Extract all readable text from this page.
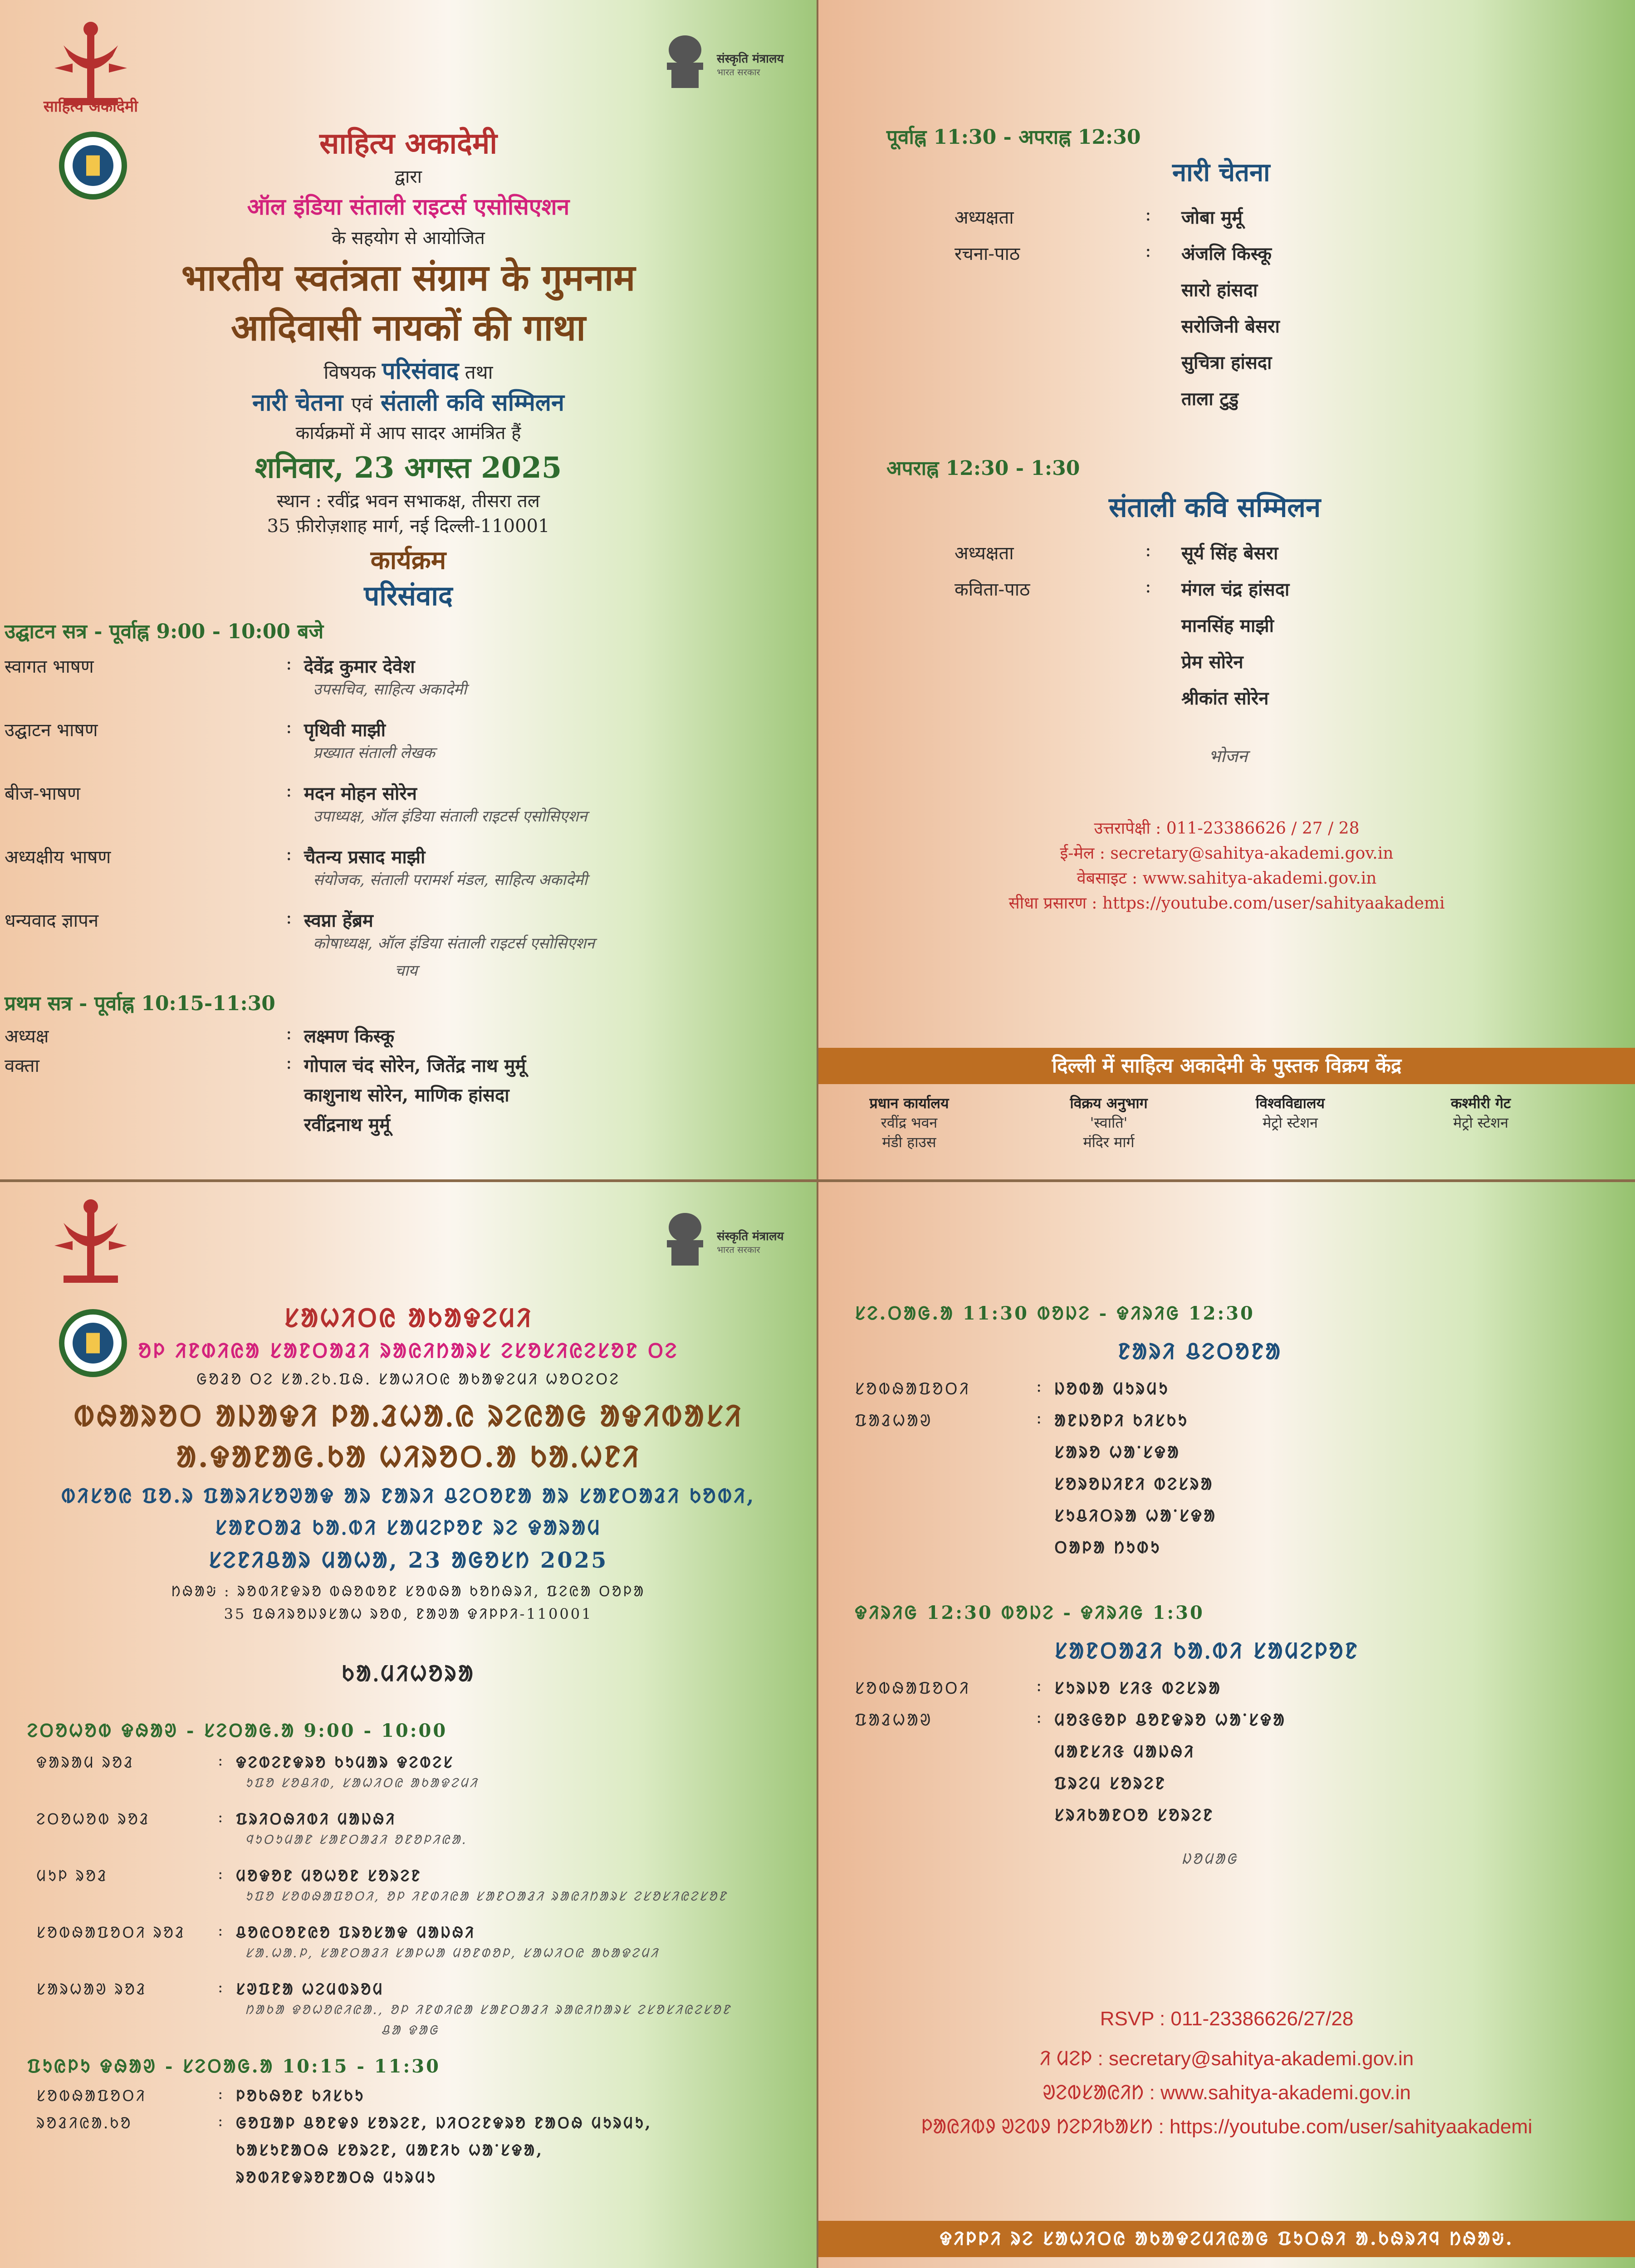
साहित्य अकादेमी
संस्कृति मंत्रालय
भारत सरकार
साहित्य अकादेमी
द्वारा
ऑल इंडिया संताली राइटर्स एसोसिएशन
के सहयोग से आयोजित
भारतीय स्वतंत्रता संग्राम के गुमनाम
आदिवासी नायकों की गाथा
विषयक परिसंवाद तथा
नारी चेतना एवं संताली कवि सम्मिलन
कार्यक्रमों में आप सादर आमंत्रित हैं
शनिवार, 23 अगस्त 2025
स्थान : रवींद्र भवन सभाकक्ष, तीसरा तल
35 फ़ीरोज़शाह मार्ग, नई दिल्ली-110001
कार्यक्रम
परिसंवाद
उद्घाटन सत्र - पूर्वाह्न 9:00 - 10:00 बजे
स्वागत भाषण	: देवेंद्र कुमार देवेश
उपसचिव, साहित्य अकादेमी
उद्घाटन भाषण	: पृथिवी माझी
प्रख्यात संताली लेखक
बीज-भाषण	: मदन मोहन सोरेन
उपाध्यक्ष, ऑल इंडिया संताली राइटर्स एसोसिएशन
अध्यक्षीय भाषण	: चैतन्य प्रसाद माझी
संयोजक, संताली परामर्श मंडल, साहित्य अकादेमी
धन्यवाद ज्ञापन	: स्वप्ना हेंब्रम
कोषाध्यक्ष, ऑल इंडिया संताली राइटर्स एसोसिएशन
चाय
प्रथम सत्र - पूर्वाह्न 10:15-11:30
अध्यक्ष	: लक्ष्मण किस्कू
वक्ता	: गोपाल चंद सोरेन, जितेंद्र नाथ मुर्मू
काशुनाथ सोरेन, माणिक हांसदा
रवींद्रनाथ मुर्मू
पूर्वाह्न 11:30 - अपराह्न 12:30
नारी चेतना
अध्यक्षता	: जोबा मुर्मू
रचना-पाठ	: अंजलि किस्कू
सारो हांसदा
सरोजिनी बेसरा
सुचित्रा हांसदा
ताला टुडु
अपराह्न 12:30 - 1:30
संताली कवि सम्मिलन
अध्यक्षता	: सूर्य सिंह बेसरा
कविता-पाठ	: मंगल चंद्र हांसदा
मानसिंह माझी
प्रेम सोरेन
श्रीकांत सोरेन
भोजन
उत्तरापेक्षी : 011-23386626 / 27 / 28
ई-मेल : secretary@sahitya-akademi.gov.in
वेबसाइट : www.sahitya-akademi.gov.in
सीधा प्रसारण : https://youtube.com/user/sahityaakademi
दिल्ली में साहित्य अकादेमी के पुस्तक विक्रय केंद्र
प्रधान कार्यालय
रवींद्र भवन
मंडी हाउस
विक्रय अनुभाग
'स्वाति'
मंदिर मार्ग
विश्वविद्यालय
मेट्रो स्टेशन
कश्मीरी गेट
मेट्रो स्टेशन
संस्कृति मंत्रालय
भारत सरकार
ᱥᱟᱦᱤᱛᱭ ᱟᱠᱟᱫᱮᱢᱤ
ᱚᱞ ᱤᱱᱰᱤᱭᱟ ᱥᱟᱱᱛᱟᱲᱤ ᱨᱟᱭᱤᱴᱟᱨᱥ ᱮᱥᱚᱥᱤᱭᱮᱥᱚᱱ ᱛᱮ
ᱜᱚᱲᱚ ᱛᱮ ᱥᱟ.ᱮᱠ.ᱯᱷ. ᱥᱟᱦᱤᱛᱭ ᱟᱠᱟᱫᱮᱢᱤ ᱦᱚᱛᱮᱛᱮ
ᱵᱷᱟᱨᱚᱛ ᱟᱡᱟᱫᱤ ᱞᱟᱹᱲᱦᱟᱹᱭ ᱨᱮᱭᱟᱜ ᱟᱫᱤᱵᱟᱥᱤ
ᱟ.ᱫᱟᱱᱟᱜ.ᱠᱟ ᱦᱤᱨᱚᱛ.ᱟ ᱠᱟᱹᱦᱱᱤ
ᱵᱤᱥᱚᱭ ᱯᱚ.ᱨ ᱯᱟᱨᱤᱥᱚᱣᱟᱫ ᱟᱨ ᱱᱟᱨᱤ ᱪᱮᱛᱚᱱᱟ ᱟᱨ ᱥᱟᱱᱛᱟᱲᱤ ᱠᱚᱵᱤ,
ᱥᱟᱱᱛᱟᱲ ᱠᱟᱹᱵᱤ ᱥᱟᱢᱮᱞᱚᱱ ᱨᱮ ᱫᱟᱨᱟᱢ
ᱥᱮᱱᱤᱪᱟᱨ ᱢᱟᱦᱟ, 23 ᱟᱜᱚᱥᱴ 2025
ᱴᱷᱟᱶ : ᱨᱚᱵᱤᱱᱫᱨᱚ ᱵᱷᱚᱵᱚᱱ ᱥᱚᱵᱷᱟ ᱠᱚᱴᱷᱨᱤ, ᱯᱮᱭᱟ ᱛᱚᱞᱟ
35 ᱯᱷᱤᱨᱚᱡᱽᱥᱟᱦ ᱨᱚᱰ, ᱱᱟᱣᱟ ᱫᱤᱞᱞᱤ-110001
ᱠᱟᱹᱢᱤᱦᱚᱨᱟ
ᱮᱛᱚᱦᱚᱵ ᱫᱷᱟᱣ - ᱥᱮᱛᱟᱜ.ᱟ 9:00 - 10:00
ᱫᱟᱨᱟᱢ ᱨᱚᱲ	: ᱫᱮᱵᱮᱱᱫᱨᱚ ᱠᱩᱢᱟᱨ ᱫᱮᱵᱮᱥ
ᱩᱯᱚ ᱥᱚᱪᱤᱵ, ᱥᱟᱦᱤᱛᱭ ᱟᱠᱟᱫᱮᱢᱤ
ᱮᱛᱚᱦᱚᱵ ᱨᱚᱲ	: ᱯᱨᱤᱛᱷᱤᱵᱤ ᱢᱟᱡᱷᱤ
ᱧᱩᱛᱩᱢᱟᱱ ᱥᱟᱱᱛᱟᱲᱤ ᱚᱱᱚᱞᱤᱭᱟᱹ
ᱢᱩᱞ ᱨᱚᱲ	: ᱢᱚᱫᱚᱱ ᱢᱚᱦᱚᱱ ᱥᱚᱨᱮᱱ
ᱩᱯᱚ ᱥᱚᱵᱷᱟᱯᱚᱛᱤ, ᱚᱞ ᱤᱱᱰᱤᱭᱟ ᱥᱟᱱᱛᱟᱲᱤ ᱨᱟᱭᱤᱴᱟᱨᱥ ᱮᱥᱚᱥᱤᱭᱮᱥᱚᱱ
ᱥᱚᱵᱷᱟᱯᱚᱛᱤ ᱨᱚᱲ : ᱪᱚᱭᱛᱚᱱᱭᱚ ᱯᱨᱚᱥᱟᱫ ᱢᱟᱡᱷᱤ
ᱥᱟ.ᱦᱟ.ᱞ, ᱥᱟᱱᱛᱟᱲᱤ ᱥᱟᱞᱦᱟ ᱢᱚᱱᱰᱚᱞ, ᱥᱟᱦᱤᱛᱭ ᱟᱠᱟᱫᱮᱢᱤ
ᱥᱟᱨᱦᱟᱣ ᱨᱚᱲ	: ᱥᱣᱯᱱᱟ ᱦᱮᱢᱵᱨᱚᱢ
ᱴᱟᱠᱟ ᱫᱚᱦᱚᱭᱤᱭᱟᱹ, ᱚᱞ ᱤᱱᱰᱤᱭᱟ ᱥᱟᱱᱛᱟᱲᱤ ᱨᱟᱭᱤᱴᱟᱨᱥ ᱮᱥᱚᱥᱤᱭᱮᱥᱚᱱ
ᱪᱟ ᱫᱟᱜ
ᱯᱩᱭᱞᱩ ᱫᱷᱟᱣ - ᱥᱮᱛᱟᱜ.ᱟ 10:15 - 11:30
ᱥᱚᱵᱷᱟᱯᱚᱛᱤ	: ᱞᱚᱠᱷᱚᱱ ᱠᱤᱥᱠᱩ
ᱨᱚᱲᱤᱭᱟᱹᱠᱚ	: ᱜᱚᱯᱟᱞ ᱪᱚᱱᱫᱽ ᱥᱚᱨᱮᱱ, ᱡᱤᱛᱮᱱᱫᱨᱚ ᱱᱟᱛᱷ ᱢᱩᱨᱢᱩ,
ᱠᱟᱥᱩᱱᱟᱛᱷ ᱥᱚᱨᱮᱱ, ᱢᱟᱱᱤᱠ ᱦᱟᱸᱥᱫᱟ,
ᱨᱚᱵᱤᱱᱫᱨᱚᱱᱟᱛᱷ ᱢᱩᱨᱢᱩ
ᱥᱮ.ᱛᱟᱜ.ᱟ 11:30 ᱵᱚᱡᱮ - ᱫᱤᱨᱤᱜ 12:30
ᱱᱟᱨᱤ ᱪᱮᱛᱚᱱᱟ
ᱥᱚᱵᱷᱟᱯᱚᱛᱤ	: ᱡᱚᱵᱟ ᱢᱩᱨᱢᱩ
ᱯᱟᱲᱦᱟᱣ	: ᱟᱱᱡᱚᱞᱤ ᱠᱤᱥᱠᱩ
ᱥᱟᱨᱚ ᱦᱟᱸᱥᱫᱟ
ᱥᱚᱨᱚᱡᱤᱱᱤ ᱵᱮᱥᱨᱟ
ᱥᱩᱪᱤᱛᱨᱟ ᱦᱟᱸᱥᱫᱟ
ᱛᱟᱞᱟ ᱴᱩᱰᱩ
ᱫᱤᱨᱤᱜ 12:30 ᱵᱚᱡᱮ - ᱫᱤᱨᱤᱜ 1:30
ᱥᱟᱱᱛᱟᱲᱤ ᱠᱟᱹᱵᱤ ᱥᱟᱢᱮᱞᱚᱱ
ᱥᱚᱵᱷᱟᱯᱚᱛᱤ	: ᱥᱩᱨᱡᱚ ᱥᱤᱝ ᱵᱮᱥᱨᱟ
ᱯᱟᱲᱦᱟᱣ	: ᱢᱚᱝᱜᱚᱞ ᱪᱚᱱᱫᱨᱚ ᱦᱟᱸᱥᱫᱟ
ᱢᱟᱱᱥᱤᱝ ᱢᱟᱡᱷᱤ
ᱯᱨᱮᱢ ᱥᱚᱨᱮᱱ
ᱥᱨᱤᱠᱟᱱᱛᱚ ᱥᱚᱨᱮᱱ
ᱡᱚᱢᱟᱜ
RSVP : 011-23386626/27/28
ᱤ ᱢᱮᱞ : secretary@sahitya-akademi.gov.in
ᱣᱮᱵᱥᱟᱭᱤᱴ : www.sahitya-akademi.gov.in
ᱞᱟᱭᱤᱵᱽ ᱣᱮᱵᱽ ᱴᱮᱞᱤᱠᱟᱥᱴ : https://youtube.com/user/sahityaakademi
ᱫᱤᱞᱞᱤ ᱨᱮ ᱥᱟᱦᱤᱛᱭ ᱟᱠᱟᱫᱮᱢᱤᱭᱟᱜ ᱯᱩᱛᱷᱤ ᱟ.ᱠᱷᱨᱤᱧ ᱴᱷᱟᱶ.
